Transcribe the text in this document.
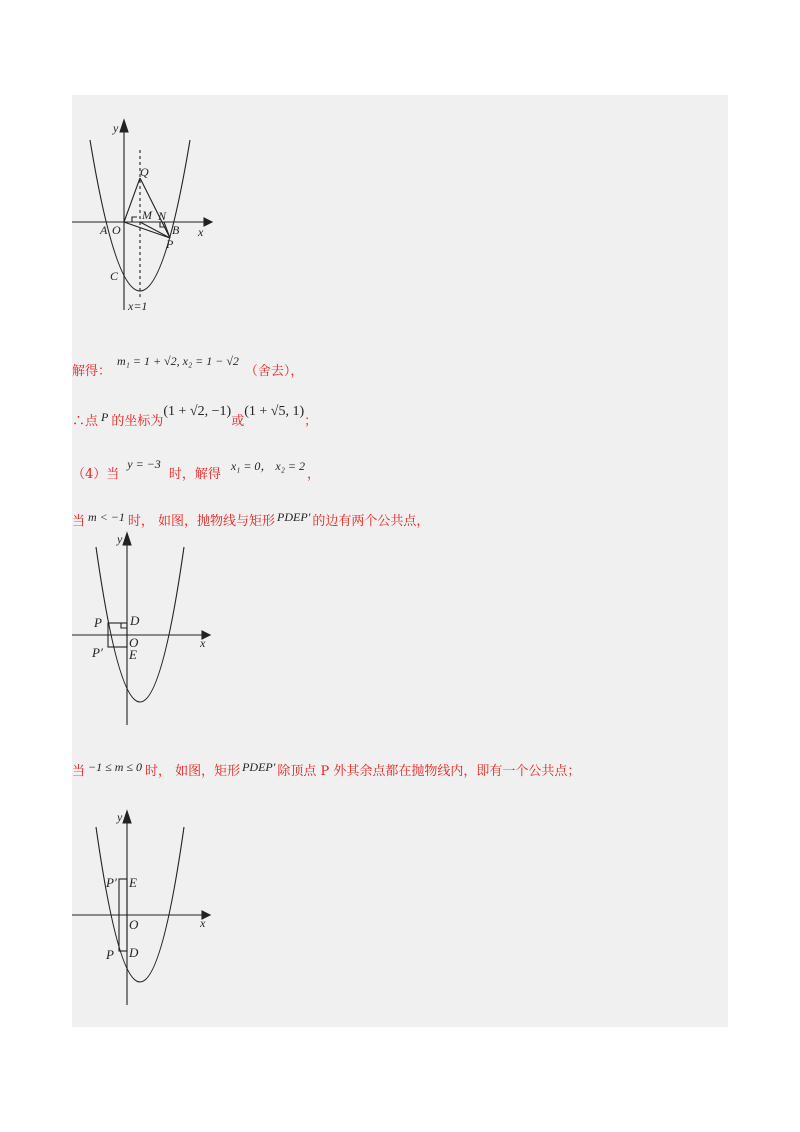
y
x
Q
M N
A O	B
P
C
x=1
解得：
m₁ = 1 + √2, x₂ = 1 − √2
（舍去），
∴点 P 的坐标为
(1 + √2, −1)
或
(1 + √5, 1)
；
（4）当
y = −3
时，解得
x₁ = 0， x₂ = 2
，
当 m < −1 时， 如图，抛物线与矩形 PDEP′ 的边有两个公共点，
y
x
P D
O
P′ E
当 −1 ≤ m ≤ 0 时， 如图，矩形 PDEP′ 除顶点 P 外其余点都在抛物线内，即有一个公共点；
y
x
P′ E
O
P D
